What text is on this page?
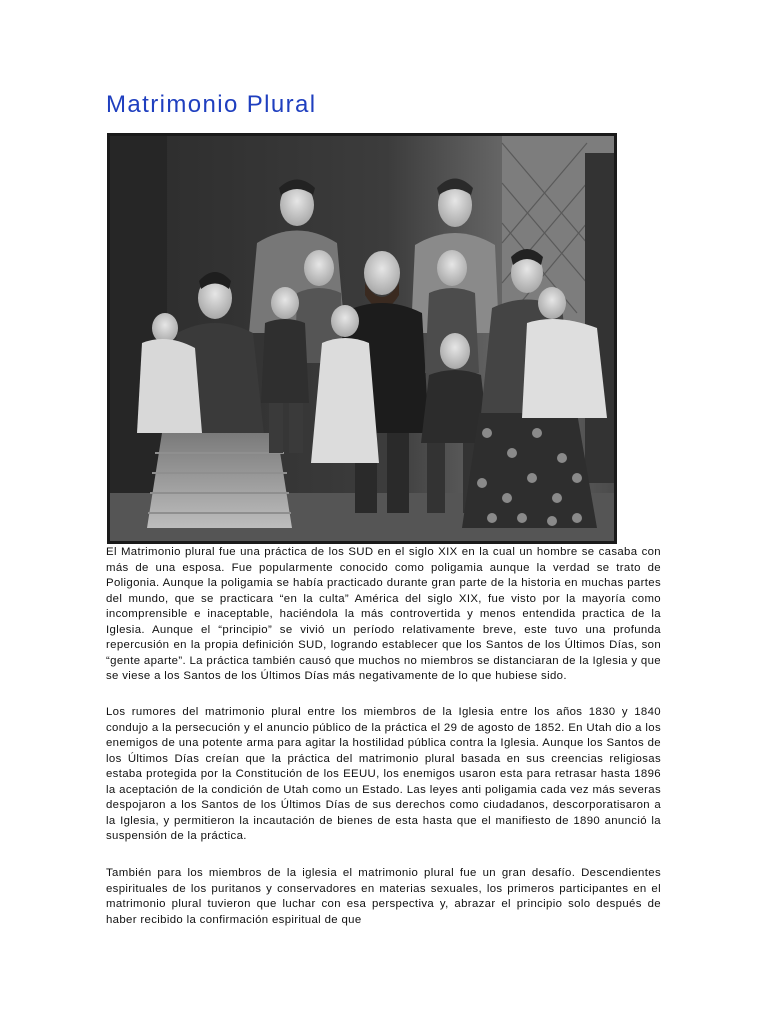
Matrimonio Plural

El Matrimonio plural fue una práctica de los SUD en el siglo XIX en la cual un hombre se casaba con más de una esposa. Fue popularmente conocido como poligamia aunque la verdad se trato de Poligonia. Aunque la poligamia se había practicado durante gran parte de la historia en muchas partes del mundo, que se practicara “en la culta” América del siglo XIX, fue visto por la mayoría como incomprensible e inaceptable, haciéndola la más controvertida y menos entendida practica de la Iglesia. Aunque el “principio” se vivió un período relativamente breve, este tuvo una profunda repercusión en la propia definición SUD, logrando establecer que los Santos de los Últimos Días, son “gente aparte”. La práctica también causó que muchos no miembros se distanciaran de la Iglesia y que se viese a los Santos de los Últimos Días más negativamente de lo que hubiese sido.

Los rumores del matrimonio plural entre los miembros de la Iglesia entre los años 1830 y 1840 condujo a la persecución y el anuncio público de la práctica el 29 de agosto de 1852. En Utah dio a los enemigos de una potente arma para agitar la hostilidad pública contra la Iglesia. Aunque los Santos de los Últimos Días creían que la práctica del matrimonio plural basada en sus creencias religiosas estaba protegida por la Constitución de los EEUU, los enemigos usaron esta para retrasar hasta 1896 la aceptación de la condición de Utah como un Estado. Las leyes anti poligamia cada vez más severas despojaron a los Santos de los Últimos Días de sus derechos como ciudadanos, descorporatisaron a la Iglesia, y permitieron la incautación de bienes de esta hasta que el manifiesto de 1890 anunció la suspensión de la práctica.

También para los miembros de la iglesia el matrimonio plural fue un gran desafío. Descendientes espirituales de los puritanos y conservadores en materias sexuales, los primeros participantes en el matrimonio plural tuvieron que luchar con esa perspectiva y, abrazar el principio solo después de haber recibido la confirmación espiritual de que
